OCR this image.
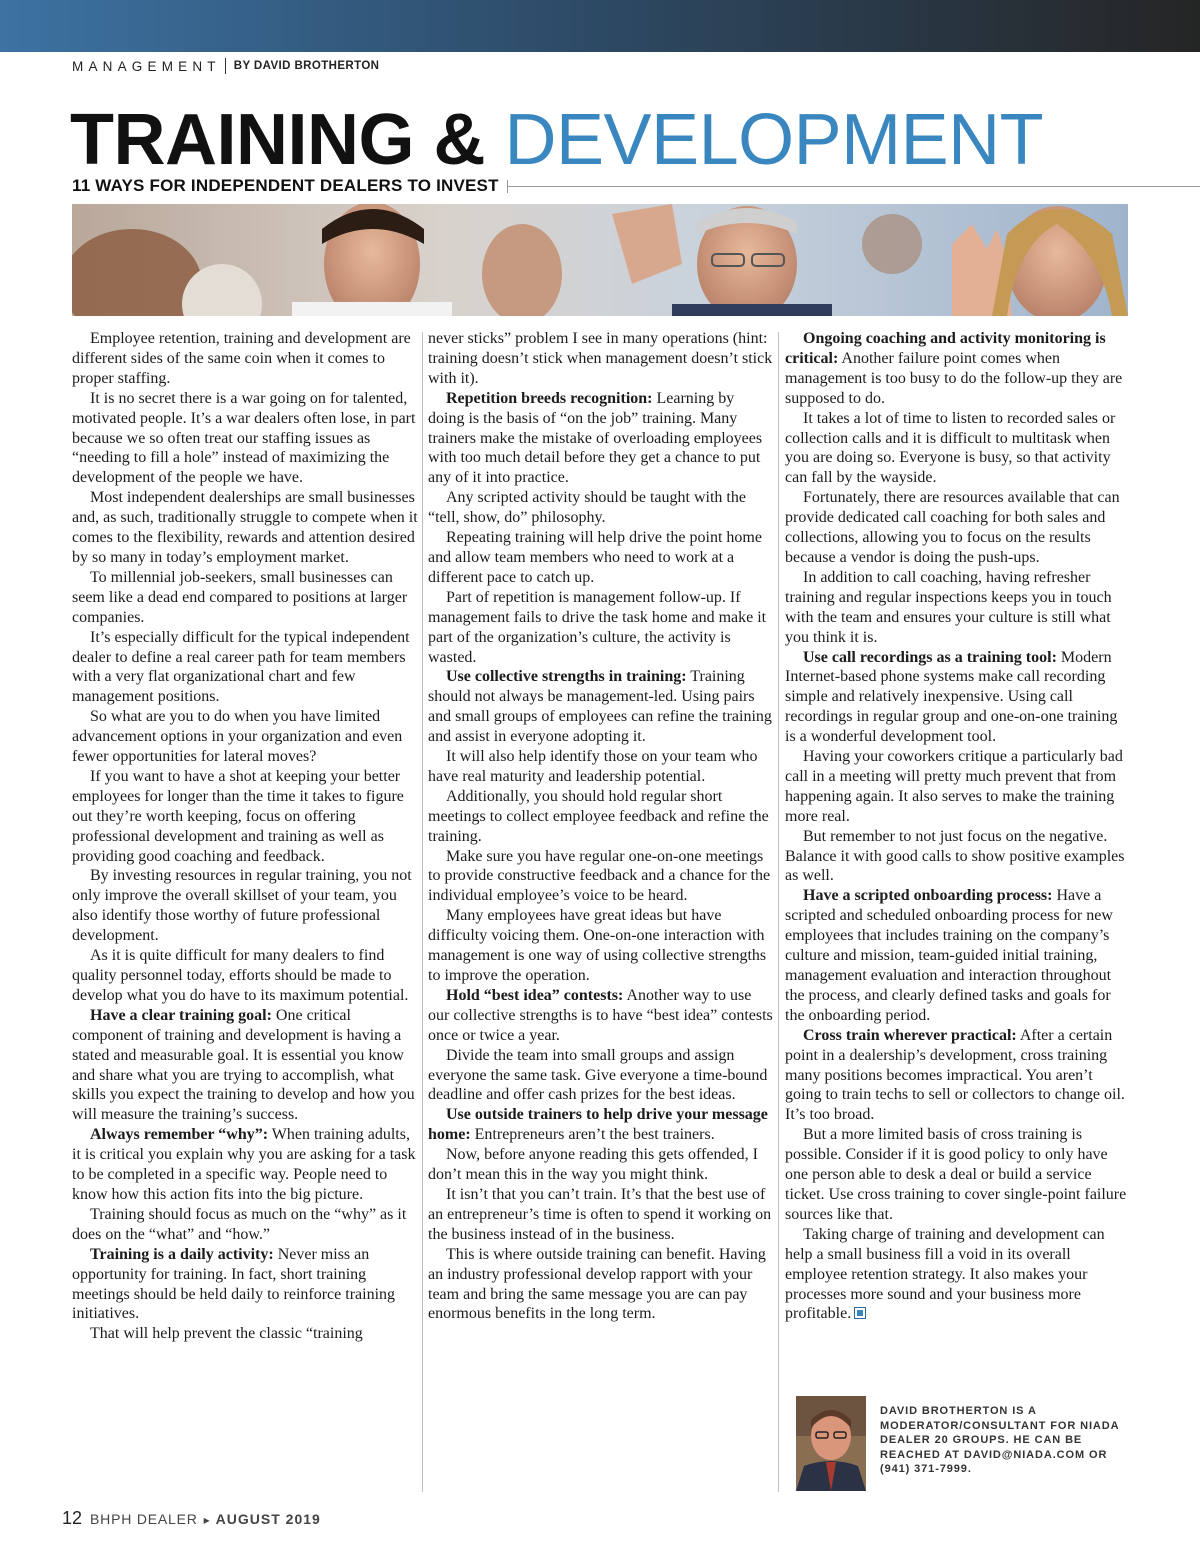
MANAGEMENT BY DAVID BROTHERTON
TRAINING & DEVELOPMENT
11 WAYS FOR INDEPENDENT DEALERS TO INVEST

Employee retention, training and development are different sides of the same coin when it comes to proper staffing.

It is no secret there is a war going on for talented, motivated people. It’s a war dealers often lose, in part because we so often treat our staffing issues as “needing to fill a hole” instead of maximizing the development of the people we have.

Most independent dealerships are small businesses and, as such, traditionally struggle to compete when it comes to the flexibility, rewards and attention desired by so many in today’s employment market.

To millennial job-seekers, small businesses can seem like a dead end compared to positions at larger companies.

It’s especially difficult for the typical independent dealer to define a real career path for team members with a very flat organizational chart and few management positions.

So what are you to do when you have limited advancement options in your organization and even fewer opportunities for lateral moves?

If you want to have a shot at keeping your better employees for longer than the time it takes to figure out they’re worth keeping, focus on offering professional development and training as well as providing good coaching and feedback.

By investing resources in regular training, you not only improve the overall skillset of your team, you also identify those worthy of future professional development.

As it is quite difficult for many dealers to find quality personnel today, efforts should be made to develop what you do have to its maximum potential.

Have a clear training goal: One critical component of training and development is having a stated and measurable goal. It is essential you know and share what you are trying to accomplish, what skills you expect the training to develop and how you will measure the training’s success.

Always remember “why”: When training adults, it is critical you explain why you are asking for a task to be completed in a specific way. People need to know how this action fits into the big picture.

Training should focus as much on the “why” as it does on the “what” and “how.”

Training is a daily activity: Never miss an opportunity for training. In fact, short training meetings should be held daily to reinforce training initiatives.

That will help prevent the classic “training

never sticks” problem I see in many operations (hint: training doesn’t stick when management doesn’t stick with it).

Repetition breeds recognition: Learning by doing is the basis of “on the job” training. Many trainers make the mistake of overloading employees with too much detail before they get a chance to put any of it into practice.

Any scripted activity should be taught with the “tell, show, do” philosophy.

Repeating training will help drive the point home and allow team members who need to work at a different pace to catch up.

Part of repetition is management follow-up. If management fails to drive the task home and make it part of the organization’s culture, the activity is wasted.

Use collective strengths in training: Training should not always be management-led. Using pairs and small groups of employees can refine the training and assist in everyone adopting it.

It will also help identify those on your team who have real maturity and leadership potential.

Additionally, you should hold regular short meetings to collect employee feedback and refine the training.

Make sure you have regular one-on-one meetings to provide constructive feedback and a chance for the individual employee’s voice to be heard.

Many employees have great ideas but have difficulty voicing them. One-on-one interaction with management is one way of using collective strengths to improve the operation.

Hold “best idea” contests: Another way to use our collective strengths is to have “best idea” contests once or twice a year.

Divide the team into small groups and assign everyone the same task. Give everyone a time-bound deadline and offer cash prizes for the best ideas.

Use outside trainers to help drive your message home: Entrepreneurs aren’t the best trainers.

Now, before anyone reading this gets offended, I don’t mean this in the way you might think.

It isn’t that you can’t train. It’s that the best use of an entrepreneur’s time is often to spend it working on the business instead of in the business.

This is where outside training can benefit. Having an industry professional develop rapport with your team and bring the same message you are can pay enormous benefits in the long term.

Ongoing coaching and activity monitoring is critical: Another failure point comes when management is too busy to do the follow-up they are supposed to do.

It takes a lot of time to listen to recorded sales or collection calls and it is difficult to multitask when you are doing so. Everyone is busy, so that activity can fall by the wayside.

Fortunately, there are resources available that can provide dedicated call coaching for both sales and collections, allowing you to focus on the results because a vendor is doing the push-ups.

In addition to call coaching, having refresher training and regular inspections keeps you in touch with the team and ensures your culture is still what you think it is.

Use call recordings as a training tool: Modern Internet-based phone systems make call recording simple and relatively inexpensive. Using call recordings in regular group and one-on-one training is a wonderful development tool.

Having your coworkers critique a particularly bad call in a meeting will pretty much prevent that from happening again. It also serves to make the training more real.

But remember to not just focus on the negative. Balance it with good calls to show positive examples as well.

Have a scripted onboarding process: Have a scripted and scheduled onboarding process for new employees that includes training on the company’s culture and mission, team-guided initial training, management evaluation and interaction throughout the process, and clearly defined tasks and goals for the onboarding period.

Cross train wherever practical: After a certain point in a dealership’s development, cross training many positions becomes impractical. You aren’t going to train techs to sell or collectors to change oil. It’s too broad.

But a more limited basis of cross training is possible. Consider if it is good policy to only have one person able to desk a deal or build a service ticket. Use cross training to cover single-point failure sources like that.

Taking charge of training and development can help a small business fill a void in its overall employee retention strategy. It also makes your processes more sound and your business more profitable.

DAVID BROTHERTON IS A MODERATOR/CONSULTANT FOR NIADA DEALER 20 GROUPS. HE CAN BE REACHED AT DAVID@NIADA.COM OR (941) 371-7999.
12 BHPH DEALER ▸ AUGUST 2019
